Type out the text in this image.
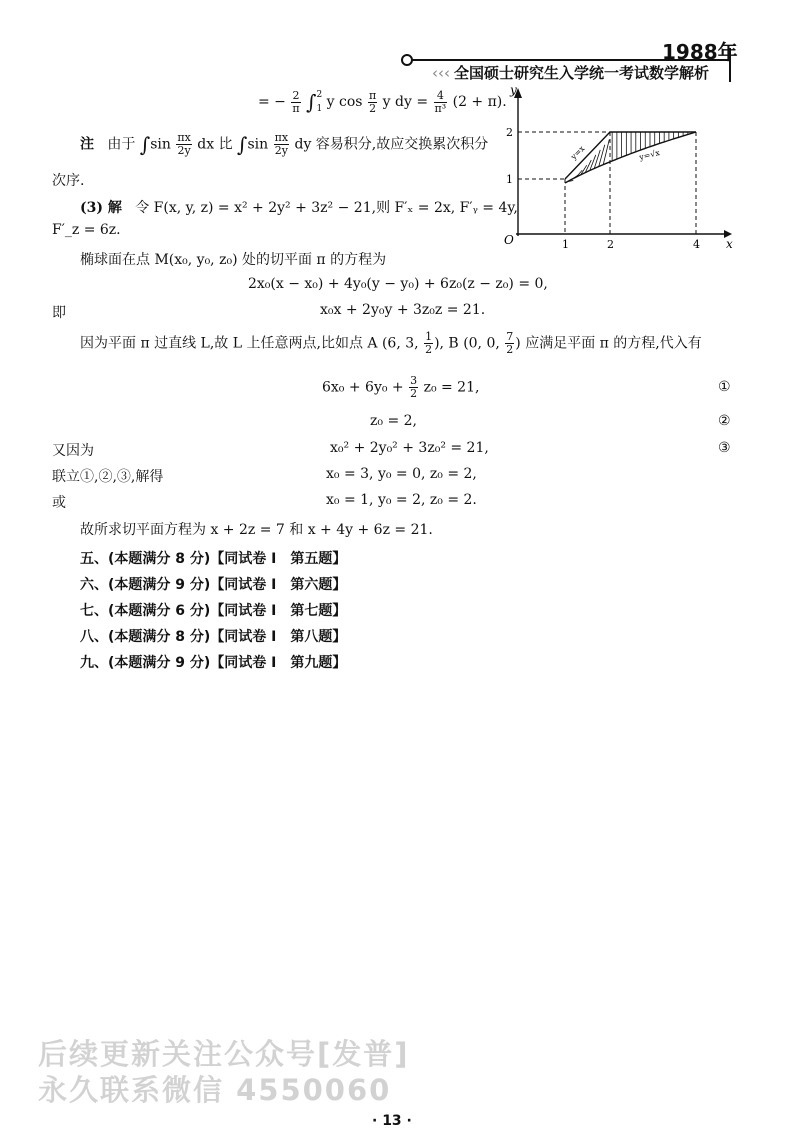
1988年
‹‹‹ 全国硕士研究生入学统一考试数学解析
= − $\frac{2}{\pi}$ ∫ 2
1 y $\cos \frac{\pi}{2}$ y dy = $\frac{4}{\text{π³}} (2 + \pi)$.
注 由于 $\int\sin \frac{\pi x}{2y}$ dx 比 $\int\sin \frac{\pi x}{2y}$ dy 容易积分,故应交换累次积分
次序.
(3) 解 令 F(x, y, z) = x² + 2y² + 3z² − 21,则 F′ₓ = 2x, F′ᵧ = 4y,
F′_z = 6z.
椭球面在点 M(x₀, y₀, z₀) 处的切平面 π 的方程为
2x₀(x − x₀) + 4y₀(y − y₀) + 6z₀(z − z₀) = 0,
即	x₀x + 2y₀y + 3z₀z = 21.
因为平面 π 过直线 L,故 L 上任意两点,比如点 A (6, 3, $\frac{1}{2}$ ), B (0, 0, $\frac{7}{2}$ ) 应满足平面 π 的方程,代入有
$6x_0 + 6y_0 + \frac{3}{2} z_0 = 21$,	①
z₀ = 2,	②
又因为	x₀² + 2y₀² + 3z₀² = 21,	③
联立①,②,③,解得	x₀ = 3, y₀ = 0, z₀ = 2,
或	x₀ = 1, y₀ = 2, z₀ = 2.
故所求切平面方程为 x + 2z = 7 和 x + 4y + 6z = 21.
五、(本题满分 8 分)【同试卷 Ⅰ　第五题】
六、(本题满分 9 分)【同试卷 Ⅰ　第六题】
七、(本题满分 6 分)【同试卷 Ⅰ　第七题】
八、(本题满分 8 分)【同试卷 Ⅰ　第八题】
九、(本题满分 9 分)【同试卷 Ⅰ　第九题】
y
x
O
1
2
1	2	4
y=x	y=√x
后续更新关注公众号[发普]
永久联系微信 4550060
· 13 ·
